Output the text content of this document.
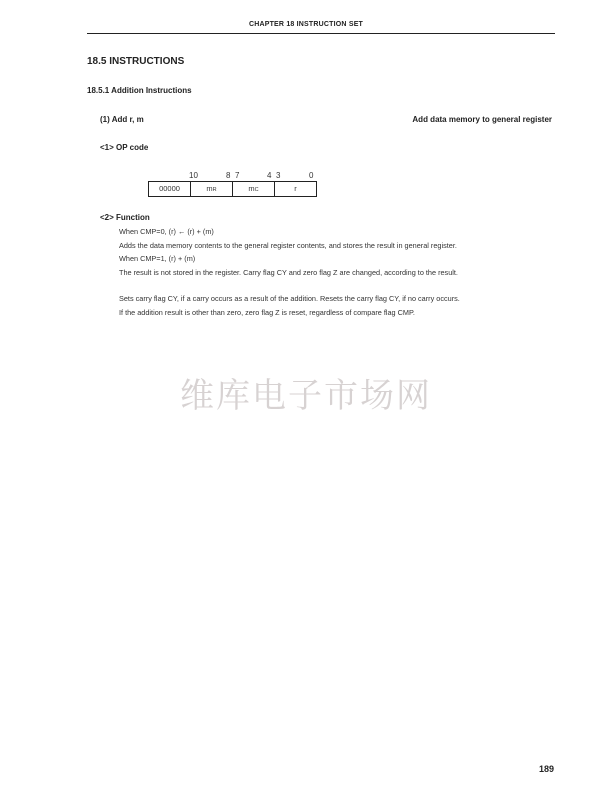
CHAPTER 18 INSTRUCTION SET
18.5 INSTRUCTIONS
18.5.1 Addition Instructions
(1) Add r, m	Add data memory to general register
<1> OP code
10	8 7	4 3	0
00000	mR	mC	r
<2> Function

When CMP=0, (r) ← (r) + (m)

Adds the data memory contents to the general register contents, and stores the result in general register.

When CMP=1, (r) + (m)

The result is not stored in the register. Carry flag CY and zero flag Z are changed, according to the result.

Sets carry flag CY, if a carry occurs as a result of the addition. Resets the carry flag CY, if no carry occurs.

If the addition result is other than zero, zero flag Z is reset, regardless of compare flag CMP.

维库电子市场网
189
